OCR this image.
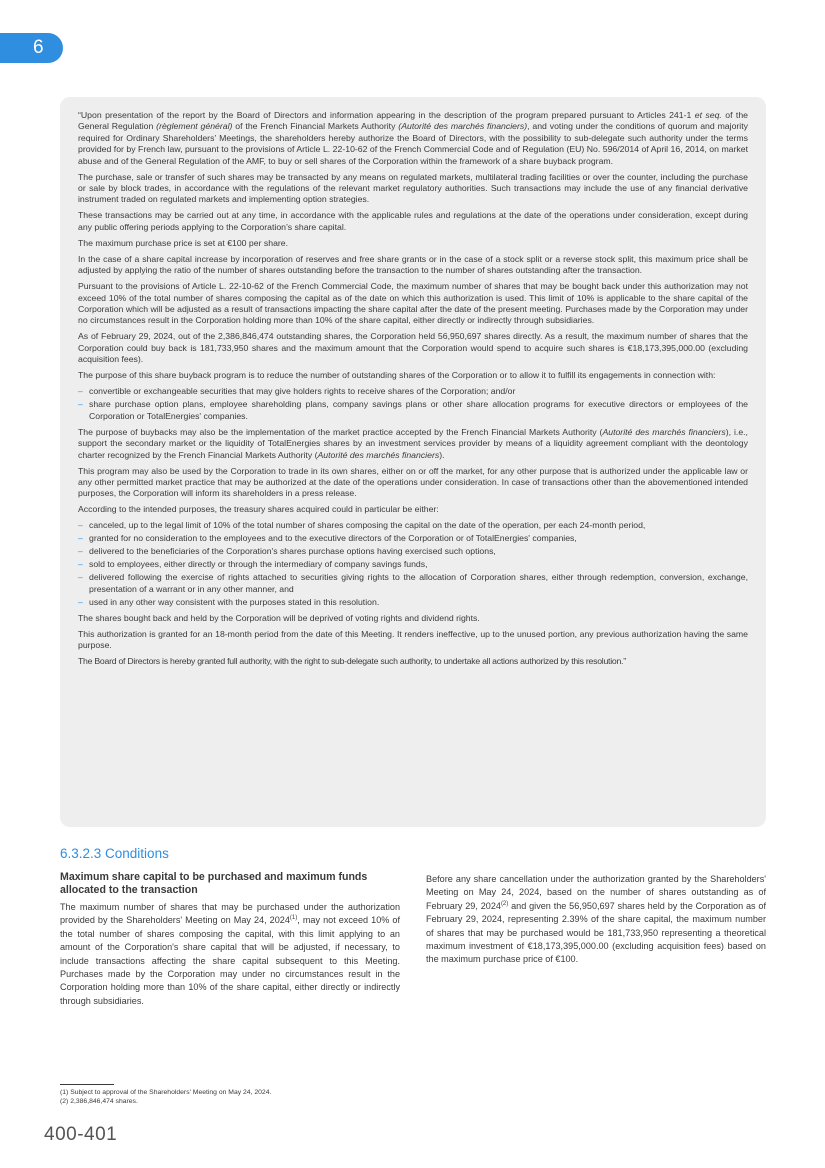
6

“Upon presentation of the report by the Board of Directors and information appearing in the description of the program prepared pursuant to Articles 241-1 et seq. of the General Regulation (règlement général) of the French Financial Markets Authority (Autorité des marchés financiers), and voting under the conditions of quorum and majority required for Ordinary Shareholders’ Meetings, the shareholders hereby authorize the Board of Directors, with the possibility to sub-delegate such authority under the terms provided for by French law, pursuant to the provisions of Article L. 22-10-62 of the French Commercial Code and of Regulation (EU) No. 596/2014 of April 16, 2014, on market abuse and of the General Regulation of the AMF, to buy or sell shares of the Corporation within the framework of a share buyback program.

The purchase, sale or transfer of such shares may be transacted by any means on regulated markets, multilateral trading facilities or over the counter, including the purchase or sale by block trades, in accordance with the regulations of the relevant market regulatory authorities. Such transactions may include the use of any financial derivative instrument traded on regulated markets and implementing option strategies.

These transactions may be carried out at any time, in accordance with the applicable rules and regulations at the date of the operations under consideration, except during any public offering periods applying to the Corporation’s share capital.

The maximum purchase price is set at €100 per share.

In the case of a share capital increase by incorporation of reserves and free share grants or in the case of a stock split or a reverse stock split, this maximum price shall be adjusted by applying the ratio of the number of shares outstanding before the transaction to the number of shares outstanding after the transaction.

Pursuant to the provisions of Article L. 22-10-62 of the French Commercial Code, the maximum number of shares that may be bought back under this authorization may not exceed 10% of the total number of shares composing the capital as of the date on which this authorization is used. This limit of 10% is applicable to the share capital of the Corporation which will be adjusted as a result of transactions impacting the share capital after the date of the present meeting. Purchases made by the Corporation may under no circumstances result in the Corporation holding more than 10% of the share capital, either directly or indirectly through subsidiaries.

As of February 29, 2024, out of the 2,386,846,474 outstanding shares, the Corporation held 56,950,697 shares directly. As a result, the maximum number of shares that the Corporation could buy back is 181,733,950 shares and the maximum amount that the Corporation would spend to acquire such shares is €18,173,395,000.00 (excluding acquisition fees).

The purpose of this share buyback program is to reduce the number of outstanding shares of the Corporation or to allow it to fulfill its engagements in connection with:

– convertible or exchangeable securities that may give holders rights to receive shares of the Corporation; and/or
– share purchase option plans, employee shareholding plans, company savings plans or other share allocation programs for executive directors or employees of the Corporation or TotalEnergies' companies.

The purpose of buybacks may also be the implementation of the market practice accepted by the French Financial Markets Authority (Autorité des marchés financiers), i.e., support the secondary market or the liquidity of TotalEnergies shares by an investment services provider by means of a liquidity agreement compliant with the deontology charter recognized by the French Financial Markets Authority (Autorité des marchés financiers).

This program may also be used by the Corporation to trade in its own shares, either on or off the market, for any other purpose that is authorized under the applicable law or any other permitted market practice that may be authorized at the date of the operations under consideration. In case of transactions other than the abovementioned intended purposes, the Corporation will inform its shareholders in a press release.

According to the intended purposes, the treasury shares acquired could in particular be either:

– canceled, up to the legal limit of 10% of the total number of shares composing the capital on the date of the operation, per each 24-month period,
– granted for no consideration to the employees and to the executive directors of the Corporation or of TotalEnergies' companies,
– delivered to the beneficiaries of the Corporation's shares purchase options having exercised such options,
– sold to employees, either directly or through the intermediary of company savings funds,
– delivered following the exercise of rights attached to securities giving rights to the allocation of Corporation shares, either through redemption, conversion, exchange, presentation of a warrant or in any other manner, and
– used in any other way consistent with the purposes stated in this resolution.

The shares bought back and held by the Corporation will be deprived of voting rights and dividend rights.

This authorization is granted for an 18-month period from the date of this Meeting. It renders ineffective, up to the unused portion, any previous authorization having the same purpose.

The Board of Directors is hereby granted full authority, with the right to sub-delegate such authority, to undertake all actions authorized by this resolution.”

6.3.2.3 Conditions
Maximum share capital to be purchased and maximum funds allocated to the transaction

The maximum number of shares that may be purchased under the authorization provided by the Shareholders' Meeting on May 24, 2024$^{(1)}$, may not exceed 10% of the total number of shares composing the capital, with this limit applying to an amount of the Corporation's share capital that will be adjusted, if necessary, to include transactions affecting the share capital subsequent to this Meeting. Purchases made by the Corporation may under no circumstances result in the Corporation holding more than 10% of the share capital, either directly or indirectly through subsidiaries.

Before any share cancellation under the authorization granted by the Shareholders' Meeting on May 24, 2024, based on the number of shares outstanding as of February 29, 2024$^{(2)}$ and given the 56,950,697 shares held by the Corporation as of February 29, 2024, representing 2.39% of the share capital, the maximum number of shares that may be purchased would be 181,733,950 representing a theoretical maximum investment of €18,173,395,000.00 (excluding acquisition fees) based on the maximum purchase price of €100.

(1) Subject to approval of the Shareholders' Meeting on May 24, 2024.
(2) 2,386,846,474 shares.
400-401
